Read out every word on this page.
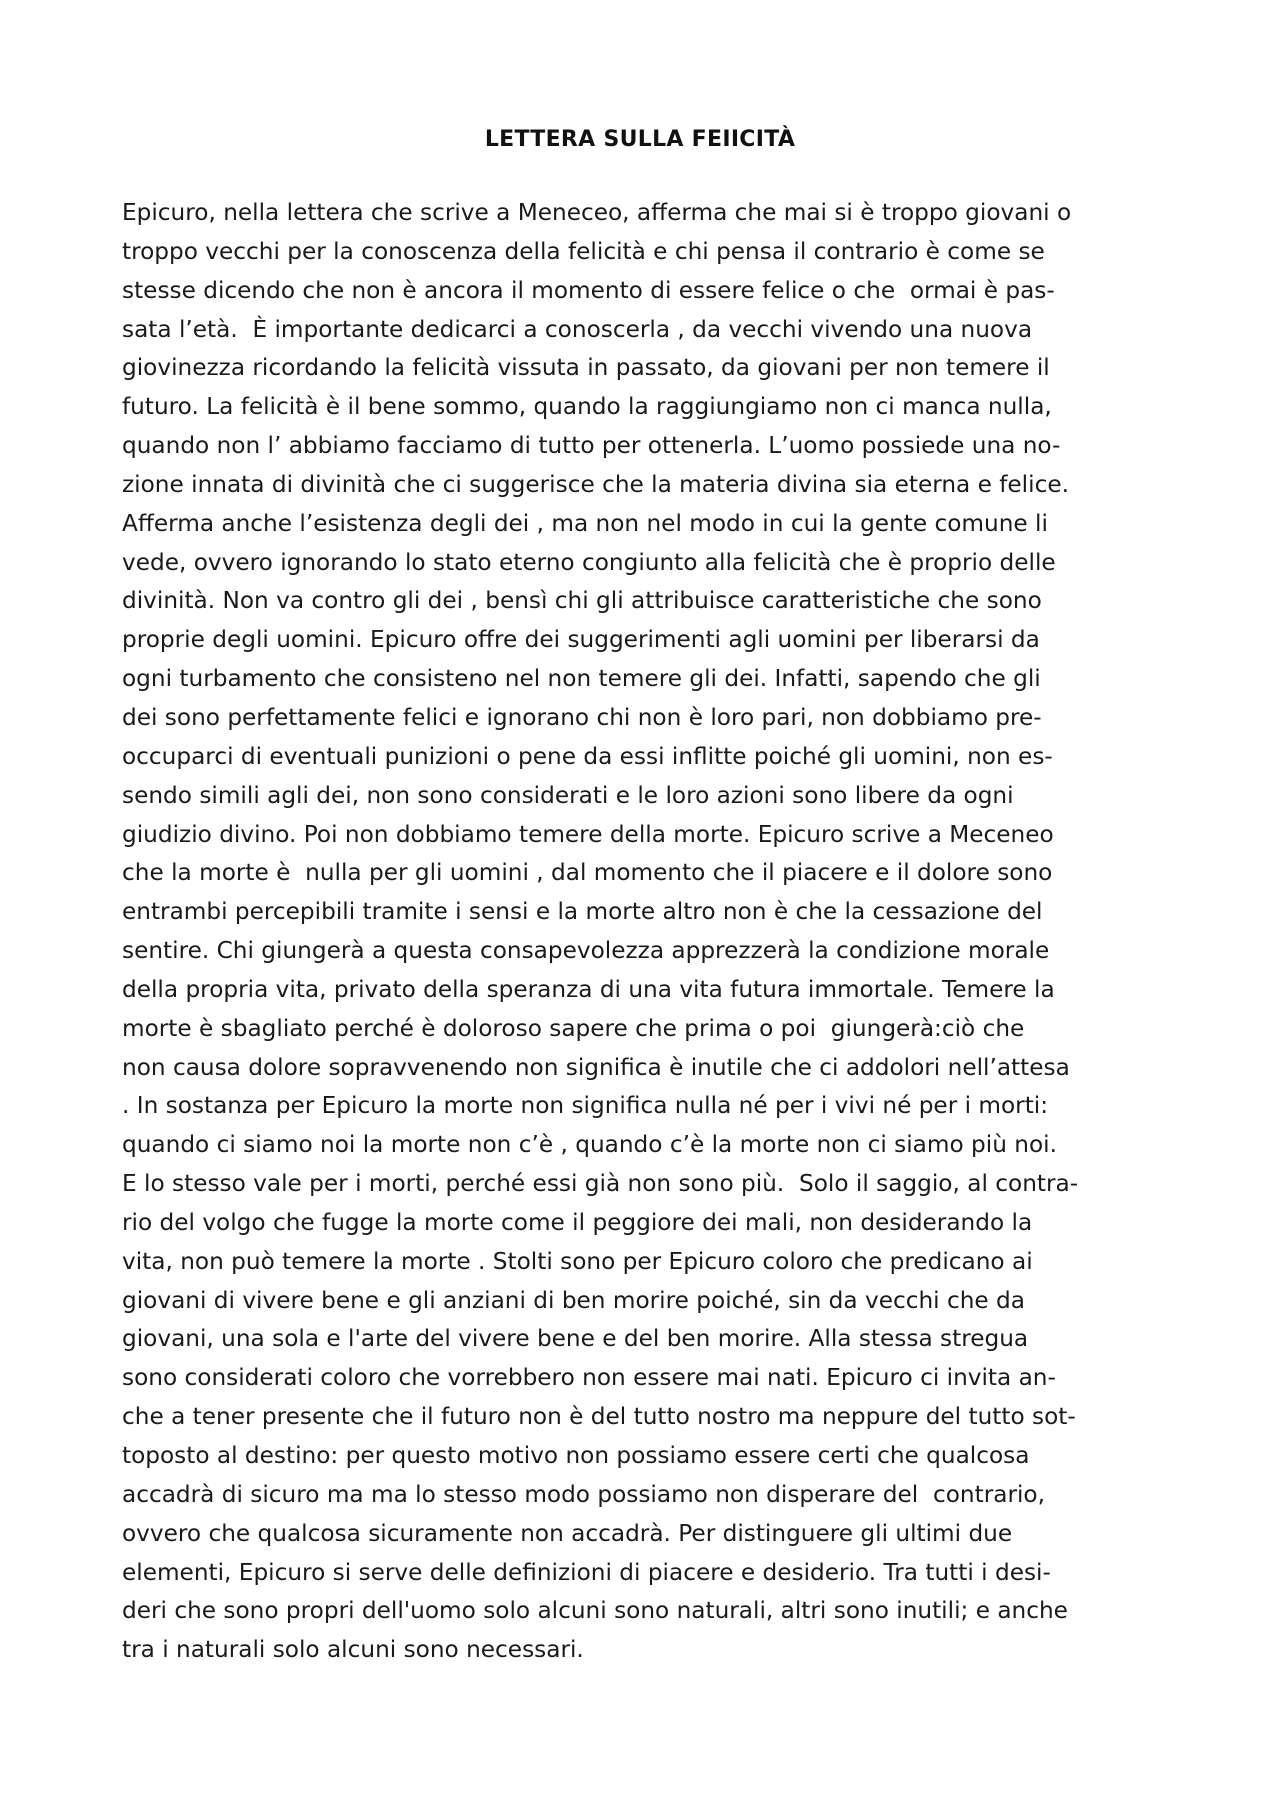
LETTERA SULLA FEIICITÀ
Epicuro, nella lettera che scrive a Meneceo, afferma che mai si è troppo giovani o
troppo vecchi per la conoscenza della felicità e chi pensa il contrario è come se
stesse dicendo che non è ancora il momento di essere felice o che  ormai è pas-
sata l’età.  È importante dedicarci a conoscerla , da vecchi vivendo una nuova
giovinezza ricordando la felicità vissuta in passato, da giovani per non temere il
futuro. La felicità è il bene sommo, quando la raggiungiamo non ci manca nulla,
quando non l’ abbiamo facciamo di tutto per ottenerla. L’uomo possiede una no-
zione innata di divinità che ci suggerisce che la materia divina sia eterna e felice.
Afferma anche l’esistenza degli dei , ma non nel modo in cui la gente comune li
vede, ovvero ignorando lo stato eterno congiunto alla felicità che è proprio delle
divinità. Non va contro gli dei , bensì chi gli attribuisce caratteristiche che sono
proprie degli uomini. Epicuro offre dei suggerimenti agli uomini per liberarsi da
ogni turbamento che consisteno nel non temere gli dei. Infatti, sapendo che gli
dei sono perfettamente felici e ignorano chi non è loro pari, non dobbiamo pre-
occuparci di eventuali punizioni o pene da essi inflitte poiché gli uomini, non es-
sendo simili agli dei, non sono considerati e le loro azioni sono libere da ogni
giudizio divino. Poi non dobbiamo temere della morte. Epicuro scrive a Meceneo
che la morte è  nulla per gli uomini , dal momento che il piacere e il dolore sono
entrambi percepibili tramite i sensi e la morte altro non è che la cessazione del
sentire. Chi giungerà a questa consapevolezza apprezzerà la condizione morale
della propria vita, privato della speranza di una vita futura immortale. Temere la
morte è sbagliato perché è doloroso sapere che prima o poi  giungerà:ciò che
non causa dolore sopravvenendo non significa è inutile che ci addolori nell’attesa
. In sostanza per Epicuro la morte non significa nulla né per i vivi né per i morti:
quando ci siamo noi la morte non c’è , quando c’è la morte non ci siamo più noi.
E lo stesso vale per i morti, perché essi già non sono più.  Solo il saggio, al contra-
rio del volgo che fugge la morte come il peggiore dei mali, non desiderando la
vita, non può temere la morte . Stolti sono per Epicuro coloro che predicano ai
giovani di vivere bene e gli anziani di ben morire poiché, sin da vecchi che da
giovani, una sola e l'arte del vivere bene e del ben morire. Alla stessa stregua
sono considerati coloro che vorrebbero non essere mai nati. Epicuro ci invita an-
che a tener presente che il futuro non è del tutto nostro ma neppure del tutto sot-
toposto al destino: per questo motivo non possiamo essere certi che qualcosa
accadrà di sicuro ma ma lo stesso modo possiamo non disperare del  contrario,
ovvero che qualcosa sicuramente non accadrà. Per distinguere gli ultimi due
elementi, Epicuro si serve delle definizioni di piacere e desiderio. Tra tutti i desi-
deri che sono propri dell'uomo solo alcuni sono naturali, altri sono inutili; e anche
tra i naturali solo alcuni sono necessari.
